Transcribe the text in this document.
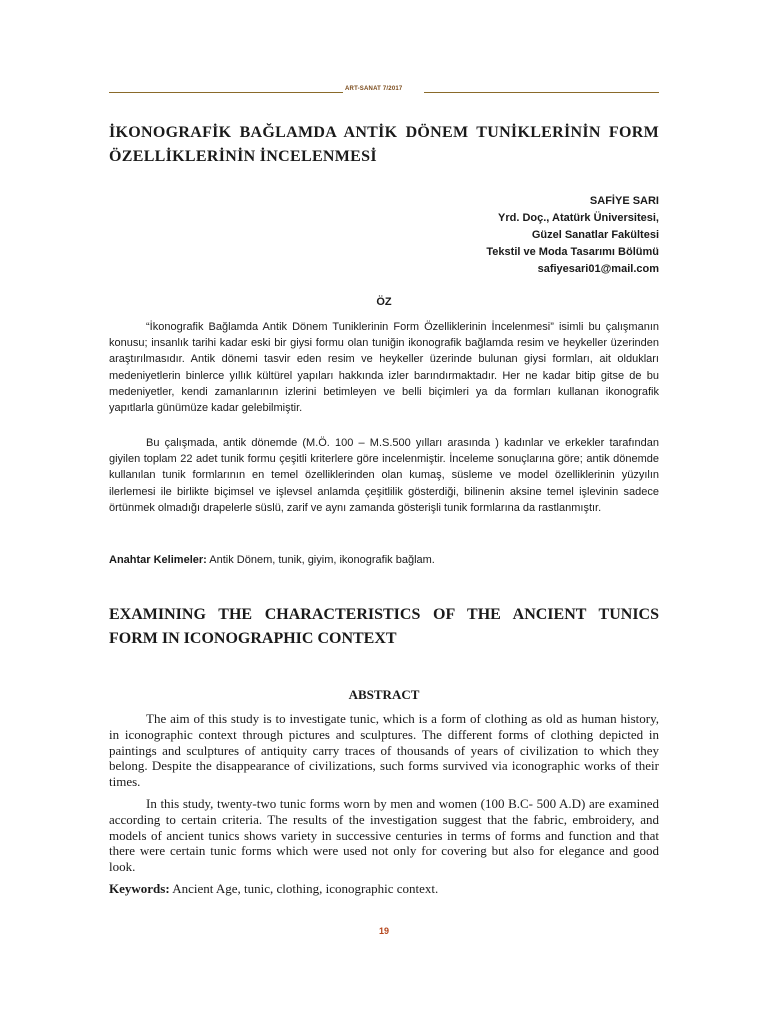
ART-SANAT 7/2017
İKONOGRAFİK BAĞLAMDA ANTİK DÖNEM TUNİKLERİNİN FORM ÖZELLİKLERİNİN İNCELENMESİ
SAFİYE SARI
Yrd. Doç., Atatürk Üniversitesi,
Güzel Sanatlar Fakültesi
Tekstil ve Moda Tasarımı Bölümü
safiyesari01@mail.com
ÖZ

“İkonografik Bağlamda Antik Dönem Tuniklerinin Form Özelliklerinin İncelenmesi” isimli bu çalışmanın konusu; insanlık tarihi kadar eski bir giysi formu olan tuniğin ikonografik bağlamda resim ve heykeller üzerinden araştırılmasıdır. Antik dönemi tasvir eden resim ve heykeller üzerinde bulunan giysi formları, ait oldukları medeniyetlerin binlerce yıllık kültürel yapıları hakkında izler barındırmaktadır. Her ne kadar bitip gitse de bu medeniyetler, kendi zamanlarının izlerini betimleyen ve belli biçimleri ya da formları kullanan ikonografik yapıtlarla günümüze kadar gelebilmiştir.

Bu çalışmada, antik dönemde (M.Ö. 100 – M.S.500 yılları arasında ) kadınlar ve erkekler tarafından giyilen toplam 22 adet tunik formu çeşitli kriterlere göre incelenmiştir. İnceleme sonuçlarına göre; antik dönemde kullanılan tunik formlarının en temel özelliklerinden olan kumaş, süsleme ve model özelliklerinin yüzyılın ilerlemesi ile birlikte biçimsel ve işlevsel anlamda çeşitlilik gösterdiği, bilinenin aksine temel işlevinin sadece örtünmek olmadığı drapelerle süslü, zarif ve aynı zamanda gösterişli tunik formlarına da rastlanmıştır.

Anahtar Kelimeler: Antik Dönem, tunik, giyim, ikonografik bağlam.
EXAMINING THE CHARACTERISTICS OF THE ANCIENT TUNICS FORM IN ICONOGRAPHIC CONTEXT
ABSTRACT

The aim of this study is to investigate tunic, which is a form of clothing as old as human history, in iconographic context through pictures and sculptures. The different forms of clothing depicted in paintings and sculptures of antiquity carry traces of thousands of years of civilization to which they belong. Despite the disappearance of civilizations, such forms survived via iconographic works of their times.

In this study, twenty-two tunic forms worn by men and women (100 B.C- 500 A.D) are examined according to certain criteria. The results of the investigation suggest that the fabric, embroidery, and models of ancient tunics shows variety in successive centuries in terms of forms and function and that there were certain tunic forms which were used not only for covering but also for elegance and good look.

Keywords: Ancient Age, tunic, clothing, iconographic context.
19
